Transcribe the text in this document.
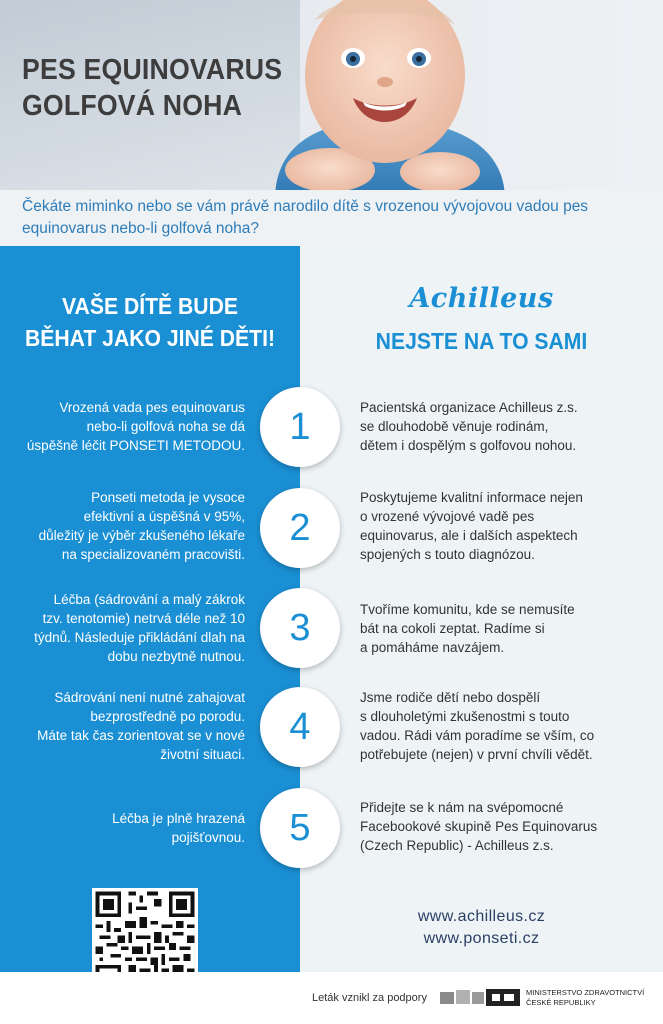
PES EQUINOVARUS
GOLFOVÁ NOHA

Čekáte miminko nebo se vám právě narodilo dítě s vrozenou vývojovou vadou pes equinovarus nebo-li golfová noha?

VAŠE DÍTĚ BUDE
BĚHAT JAKO JINÉ DĚTI!
Achilleus
NEJSTE NA TO SAMI

Vrozená vada pes equinovarus
nebo-li golfová noha se dá
úspěšně léčit PONSETI METODOU. 1	Pacientská organizace Achilleus z.s.
se dlouhodobě věnuje rodinám,
dětem i dospělým s golfovou nohou.

Ponseti metoda je vysoce
efektivní a úspěšná v 95%,
důležitý je výběr zkušeného lékaře
na specializovaném pracovišti.

2

Poskytujeme kvalitní informace nejen
o vrozené vývojové vadě pes
equinovarus, ale i dalších aspektech
spojených s touto diagnózou.

Léčba (sádrování a malý zákrok
tzv. tenotomie) netrvá déle než 10
týdnů. Následuje přikládání dlah na
dobu nezbytně nutnou.

3	Tvoříme komunitu, kde se nemusíte
bát na cokoli zeptat. Radíme si
a pomáháme navzájem.

Sádrování není nutné zahajovat
bezprostředně po porodu.
Máte tak čas zorientovat se v nové
životní situaci.

4

Jsme rodiče dětí nebo dospělí
s dlouholetými zkušenostmi s touto
vadou. Rádi vám poradíme se vším, co
potřebujete (nejen) v první chvíli vědět.

Léčba je plně hrazená
pojišťovnou. 5	Přidejte se k nám na svépomocné
Facebookové skupině Pes Equinovarus
(Czech Republic) - Achilleus z.s.

www.achilleus.cz
www.ponseti.cz

Leták vznikl za podpory	MINISTERSTVO ZDRAVOTNICTVÍ
ČESKÉ REPUBLIKY
